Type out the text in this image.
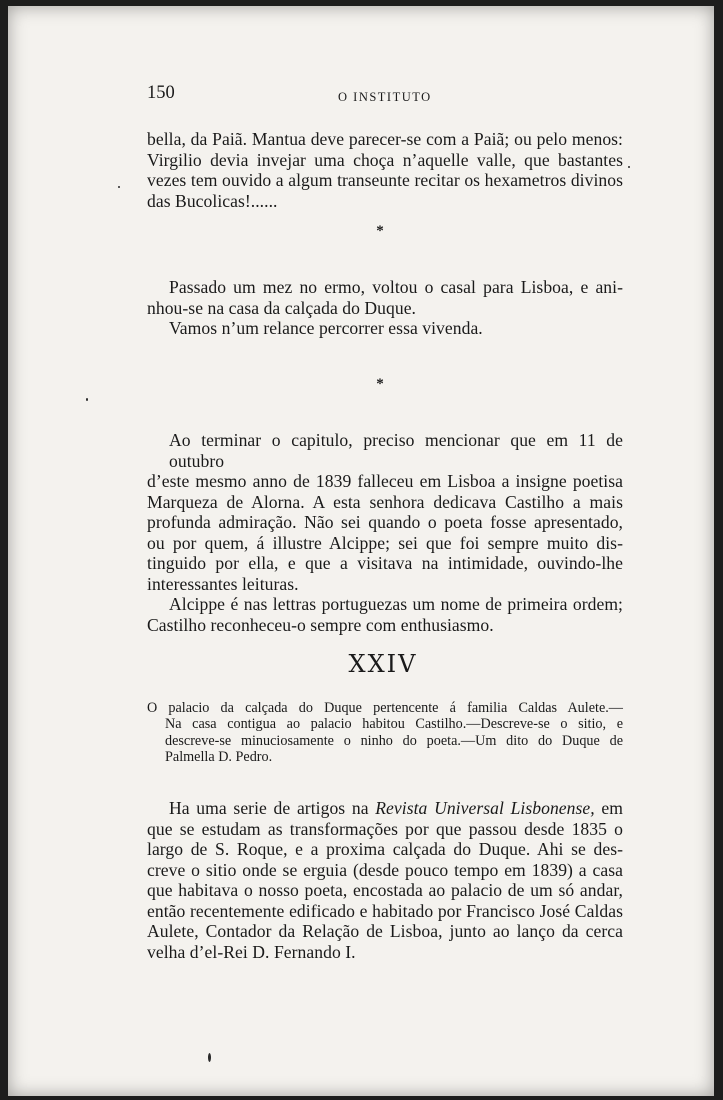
150	O INSTITUTO

bella, da Paiã. Mantua deve parecer-se com a Paiã; ou pelo menos:

Virgilio devia invejar uma choça n’aquelle valle, que bastantes

vezes tem ouvido a algum transeunte recitar os hexametros divinos

das Bucolicas!......

*

Passado um mez no ermo, voltou o casal para Lisboa, e ani-

nhou-se na casa da calçada do Duque.

Vamos n’um relance percorrer essa vivenda.

*

Ao terminar o capitulo, preciso mencionar que em 11 de outubro

d’este mesmo anno de 1839 falleceu em Lisboa a insigne poetisa

Marqueza de Alorna. A esta senhora dedicava Castilho a mais

profunda admiração. Não sei quando o poeta fosse apresentado,

ou por quem, á illustre Alcippe; sei que foi sempre muito dis-

tinguido por ella, e que a visitava na intimidade, ouvindo-lhe

interessantes leituras.

Alcippe é nas lettras portuguezas um nome de primeira ordem;

Castilho reconheceu-o sempre com enthusiasmo.

XXIV

O palacio da calçada do Duque pertencente á familia Caldas Aulete.—

Na casa contigua ao palacio habitou Castilho.—Descreve-se o sitio, e

descreve-se minuciosamente o ninho do poeta.—Um dito do Duque de

Palmella D. Pedro.

Ha uma serie de artigos na Revista Universal Lisbonense, em

que se estudam as transformações por que passou desde 1835 o

largo de S. Roque, e a proxima calçada do Duque. Ahi se des-

creve o sitio onde se erguia (desde pouco tempo em 1839) a casa

que habitava o nosso poeta, encostada ao palacio de um só andar,

então recentemente edificado e habitado por Francisco José Caldas

Aulete, Contador da Relação de Lisboa, junto ao lanço da cerca

velha d’el-Rei D. Fernando I.
